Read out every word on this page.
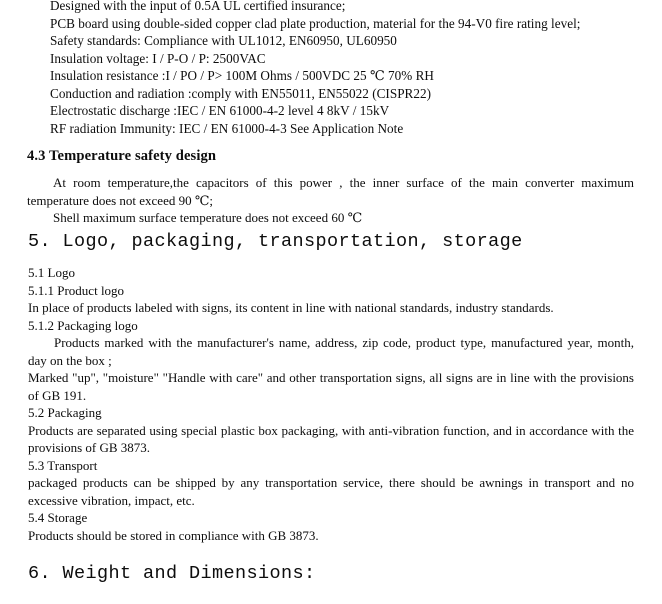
Designed with the input of 0.5A UL certified insurance;
PCB board using double-sided copper clad plate production, material for the 94-V0 fire rating level;
Safety standards: Compliance with UL1012, EN60950, UL60950
Insulation voltage: I / P-O / P: 2500VAC
Insulation resistance :I / PO / P> 100M Ohms / 500VDC 25 ℃ 70% RH
Conduction and radiation :comply with EN55011, EN55022 (CISPR22)
Electrostatic discharge :IEC / EN 61000-4-2 level 4 8kV / 15kV
RF radiation Immunity: IEC / EN 61000-4-3 See Application Note
4.3 Temperature safety design
At room temperature,the capacitors of this power , the inner surface of the main converter maximum temperature does not exceed 90 ℃;
Shell maximum surface temperature does not exceed 60 ℃
5. Logo, packaging, transportation, storage

5.1 Logo

5.1.1 Product logo

In place of products labeled with signs, its content in line with national standards, industry standards.

5.1.2 Packaging logo

Products marked with the manufacturer's name, address, zip code, product type, manufactured year, month, day on the box ;

Marked "up", "moisture" "Handle with care" and other transportation signs, all signs are in line with the provisions of GB 191.

5.2 Packaging

Products are separated using special plastic box packaging, with anti-vibration function, and in accordance with the provisions of GB 3873.

5.3 Transport

packaged products can be shipped by any transportation service, there should be awnings in transport and no excessive vibration, impact, etc.

5.4 Storage

Products should be stored in compliance with GB 3873.

6. Weight and Dimensions:
